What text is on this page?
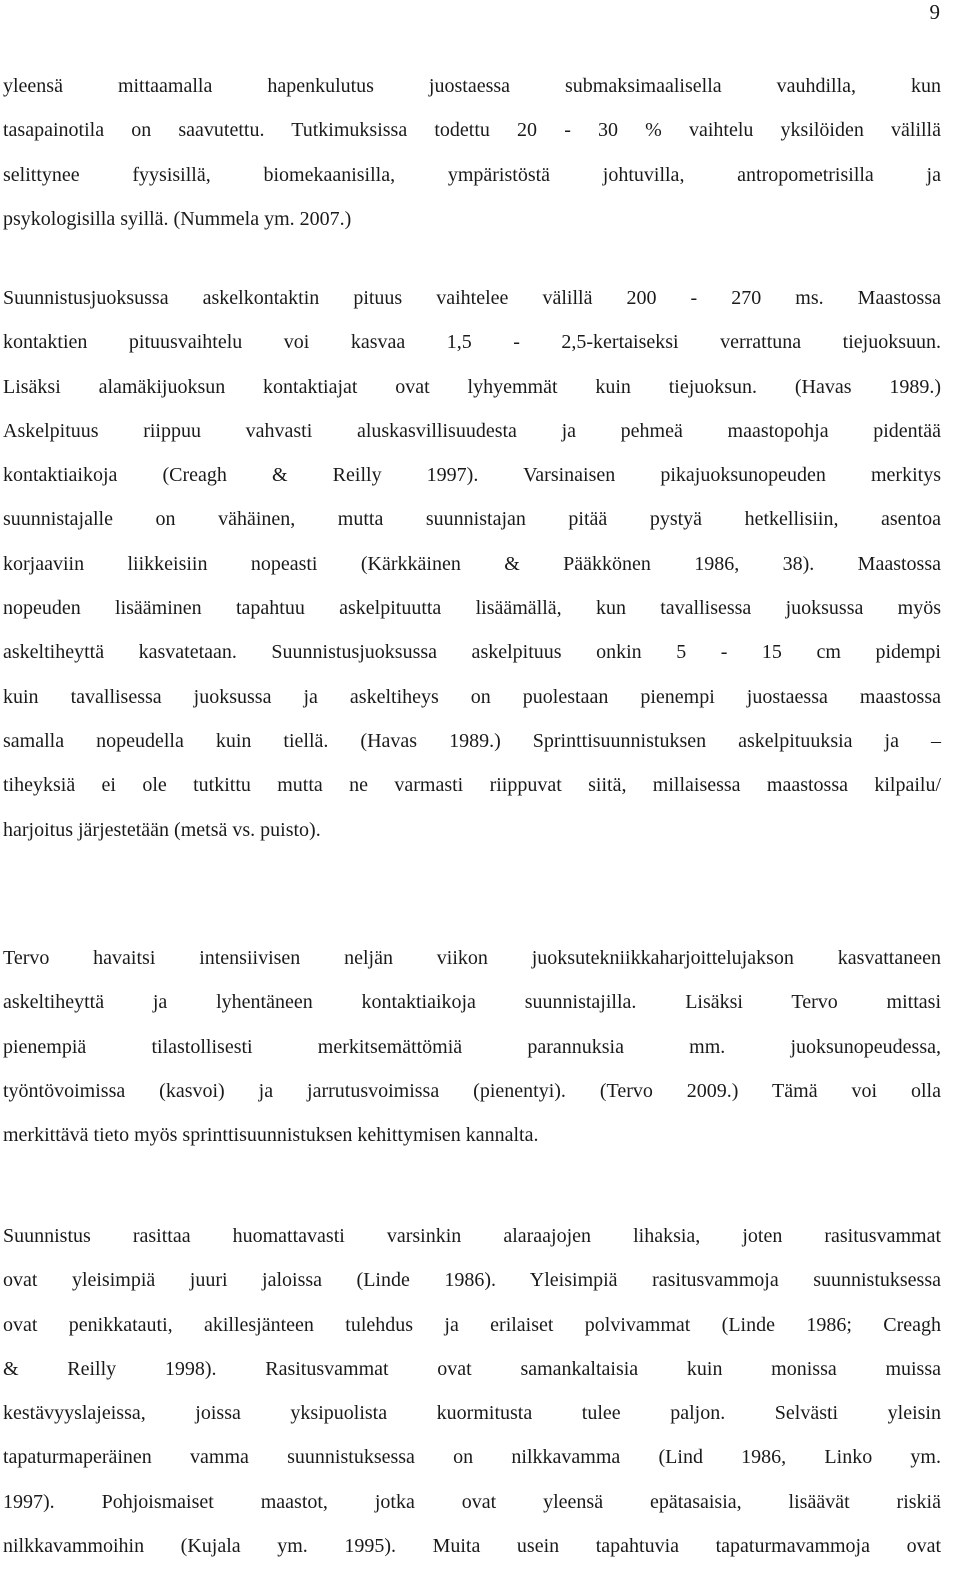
9
yleensä mittaamalla hapenkulutus juostaessa submaksimaalisella vauhdilla, kun
tasapainotila on saavutettu. Tutkimuksissa todettu 20 - 30 % vaihtelu yksilöiden välillä
selittynee fyysisillä, biomekaanisilla, ympäristöstä johtuvilla, antropometrisilla ja
psykologisilla syillä. (Nummela ym. 2007.)
Suunnistusjuoksussa askelkontaktin pituus vaihtelee välillä 200 - 270 ms. Maastossa
kontaktien pituusvaihtelu voi kasvaa 1,5 - 2,5-kertaiseksi verrattuna tiejuoksuun.
Lisäksi alamäkijuoksun kontaktiajat ovat lyhyemmät kuin tiejuoksun. (Havas 1989.)
Askelpituus riippuu vahvasti aluskasvillisuudesta ja pehmeä maastopohja pidentää
kontaktiaikoja (Creagh & Reilly 1997). Varsinaisen pikajuoksunopeuden merkitys
suunnistajalle on vähäinen, mutta suunnistajan pitää pystyä hetkellisiin, asentoa
korjaaviin liikkeisiin nopeasti (Kärkkäinen & Pääkkönen 1986, 38). Maastossa
nopeuden lisääminen tapahtuu askelpituutta lisäämällä, kun tavallisessa juoksussa myös
askeltiheyttä kasvatetaan. Suunnistusjuoksussa askelpituus onkin 5 - 15 cm pidempi
kuin tavallisessa juoksussa ja askeltiheys on puolestaan pienempi juostaessa maastossa
samalla nopeudella kuin tiellä. (Havas 1989.) Sprinttisuunnistuksen askelpituuksia ja –
tiheyksiä ei ole tutkittu mutta ne varmasti riippuvat siitä, millaisessa maastossa kilpailu/
harjoitus järjestetään (metsä vs. puisto).
Tervo havaitsi intensiivisen neljän viikon juoksutekniikkaharjoittelujakson kasvattaneen
askeltiheyttä ja lyhentäneen kontaktiaikoja suunnistajilla. Lisäksi Tervo mittasi
pienempiä tilastollisesti merkitsemättömiä parannuksia mm. juoksunopeudessa,
työntövoimissa (kasvoi) ja jarrutusvoimissa (pienentyi). (Tervo 2009.) Tämä voi olla
merkittävä tieto myös sprinttisuunnistuksen kehittymisen kannalta.
Suunnistus rasittaa huomattavasti varsinkin alaraajojen lihaksia, joten rasitusvammat
ovat yleisimpiä juuri jaloissa (Linde 1986). Yleisimpiä rasitusvammoja suunnistuksessa
ovat penikkatauti, akillesjänteen tulehdus ja erilaiset polvivammat (Linde 1986; Creagh
& Reilly 1998). Rasitusvammat ovat samankaltaisia kuin monissa muissa
kestävyyslajeissa, joissa yksipuolista kuormitusta tulee paljon. Selvästi yleisin
tapaturmaperäinen vamma suunnistuksessa on nilkkavamma (Lind 1986, Linko ym.
1997). Pohjoismaiset maastot, jotka ovat yleensä epätasaisia, lisäävät riskiä
nilkkavammoihin (Kujala ym. 1995). Muita usein tapahtuvia tapaturmavammoja ovat
